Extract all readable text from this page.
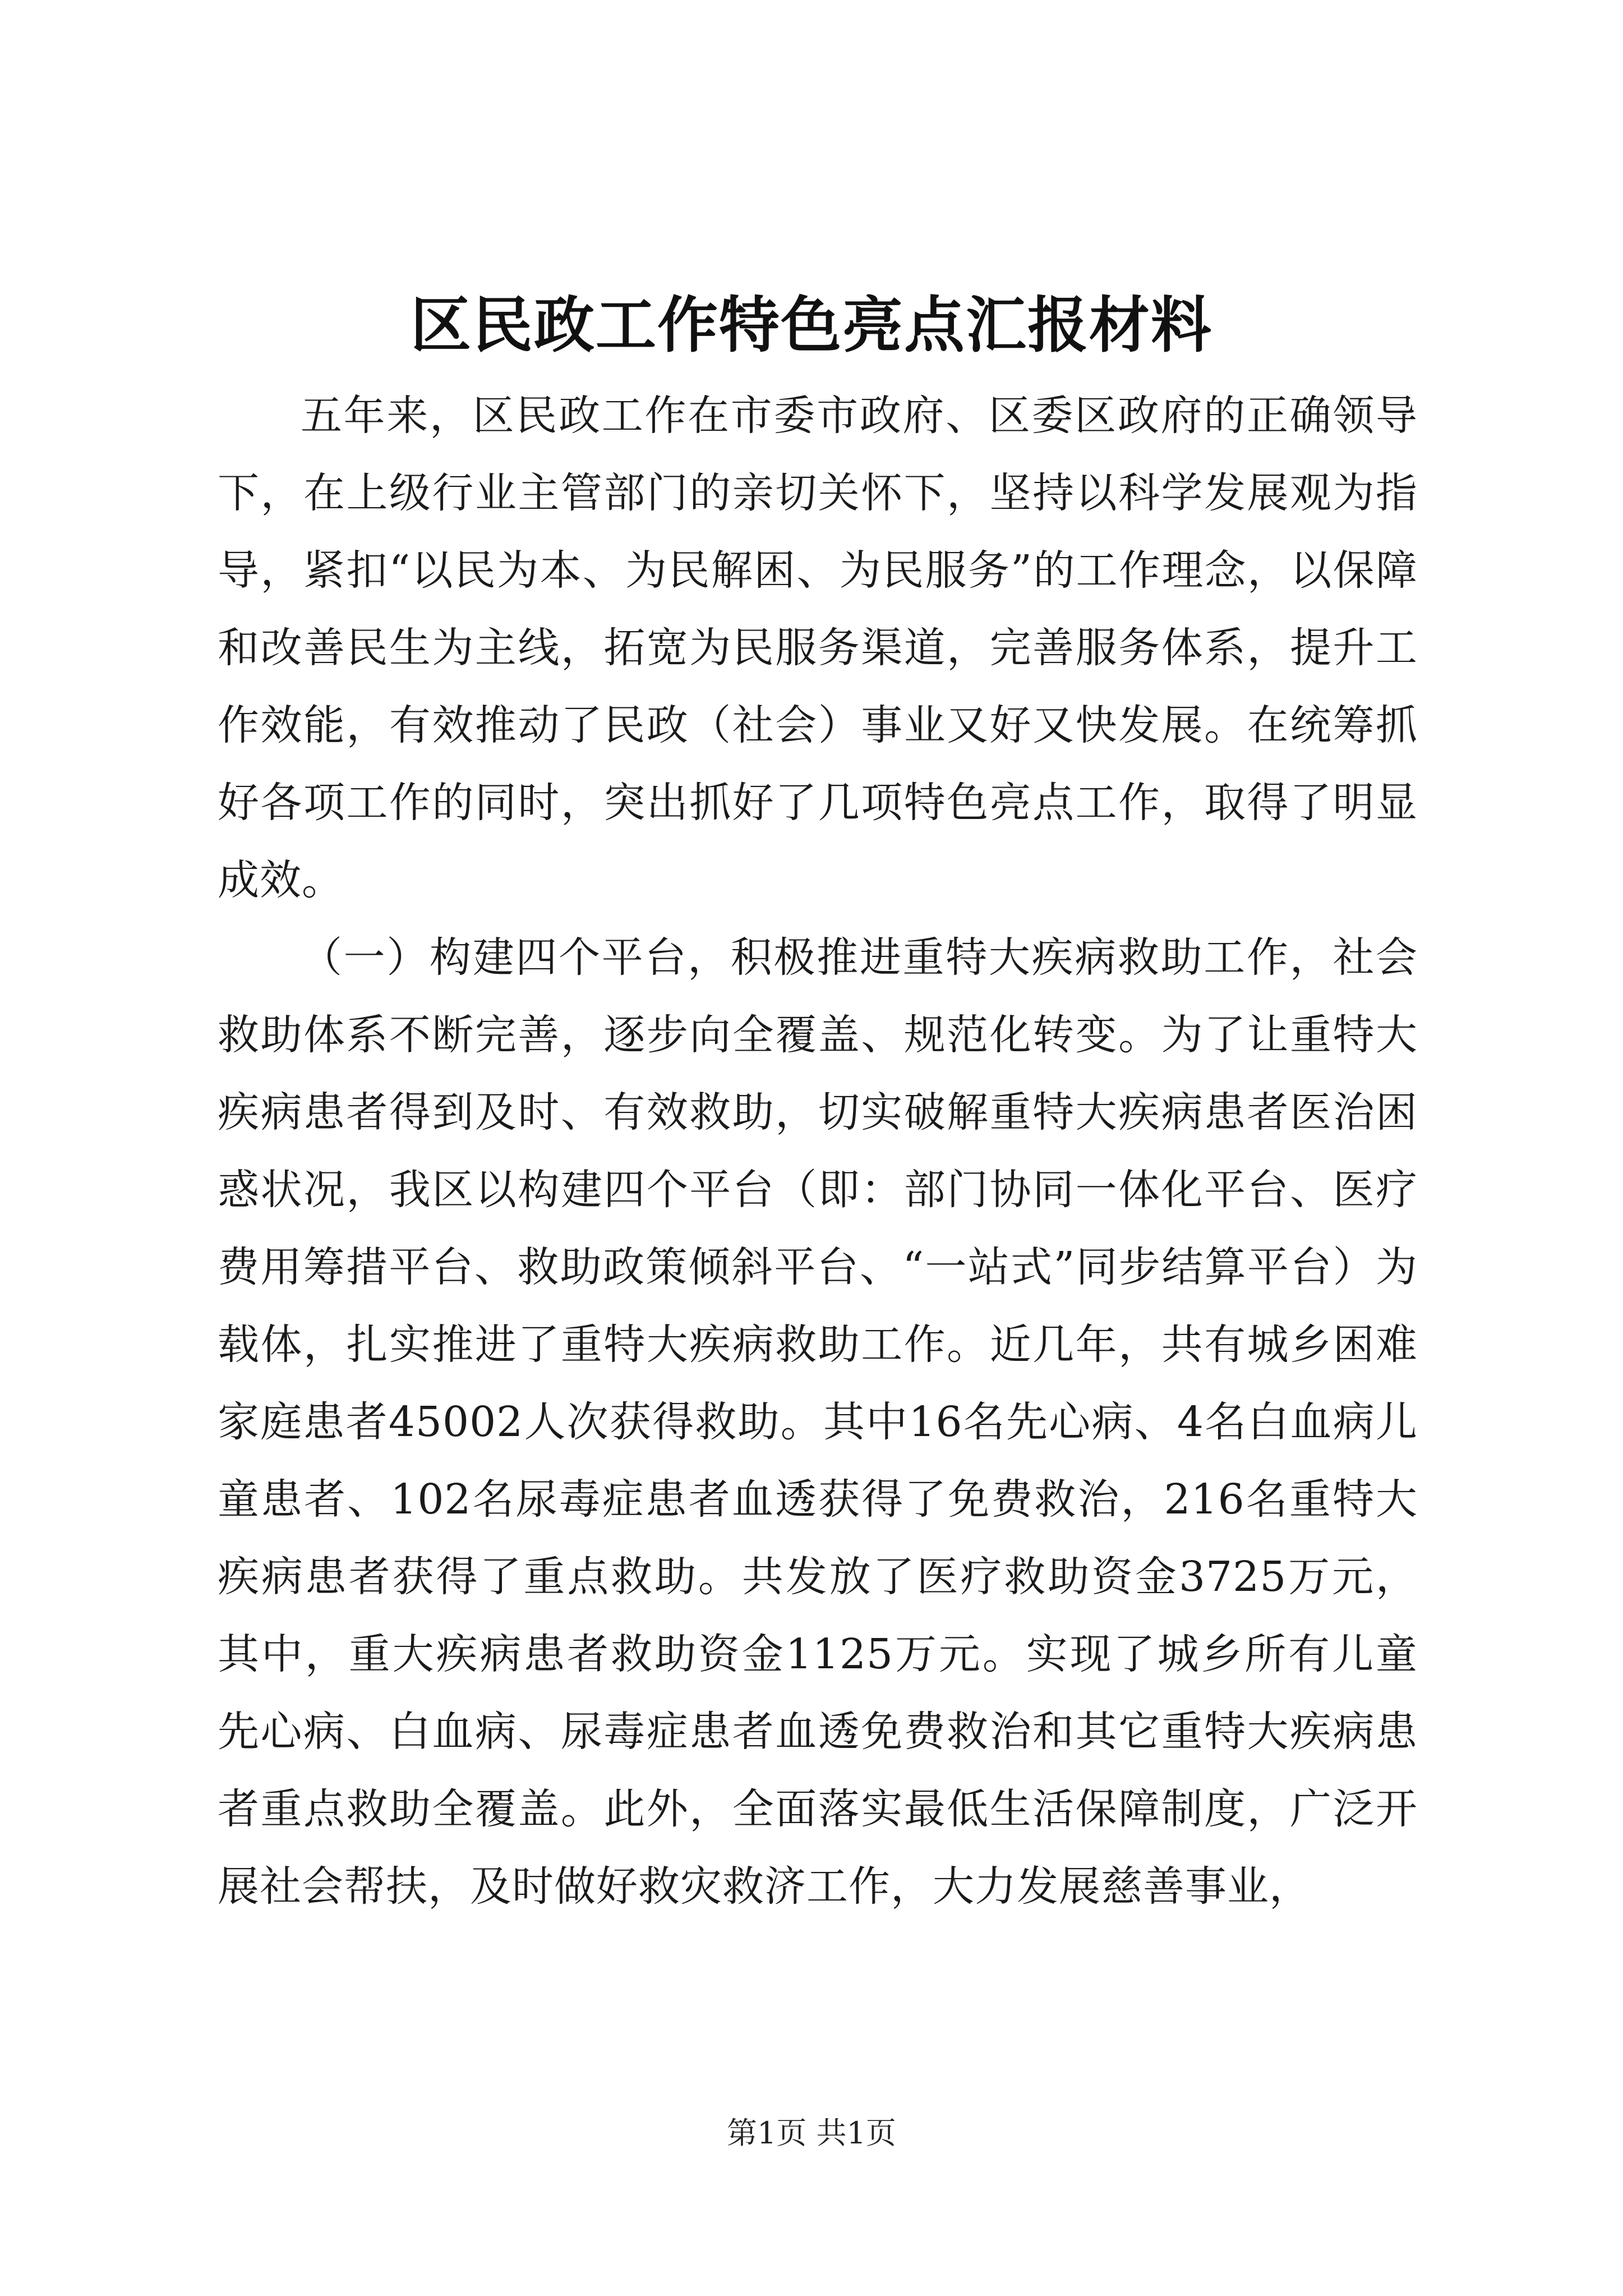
区民政工作特色亮点汇报材料

五年来，区民政工作在市委市政府、区委区政府的正确领导下，在上级行业主管部门的亲切关怀下，坚持以科学发展观为指导，紧扣“以民为本、为民解困、为民服务”的工作理念，以保障和改善民生为主线，拓宽为民服务渠道，完善服务体系，提升工作效能，有效推动了民政（社会）事业又好又快发展。在统筹抓好各项工作的同时，突出抓好了几项特色亮点工作，取得了明显成效。

（一）构建四个平台，积极推进重特大疾病救助工作，社会救助体系不断完善，逐步向全覆盖、规范化转变。为了让重特大疾病患者得到及时、有效救助，切实破解重特大疾病患者医治困惑状况，我区以构建四个平台（即：部门协同一体化平台、医疗费用筹措平台、救助政策倾斜平台、“一站式”同步结算平台）为载体，扎实推进了重特大疾病救助工作。近几年，共有城乡困难家庭患者45002人次获得救助。其中16名先心病、4名白血病儿童患者、102名尿毒症患者血透获得了免费救治，216名重特大疾病患者获得了重点救助。共发放了医疗救助资金3725万元，其中，重大疾病患者救助资金1125万元。实现了城乡所有儿童先心病、白血病、尿毒症患者血透免费救治和其它重特大疾病患者重点救助全覆盖。此外，全面落实最低生活保障制度，广泛开展社会帮扶，及时做好救灾救济工作，大力发展慈善事业，

第1页 共1页
